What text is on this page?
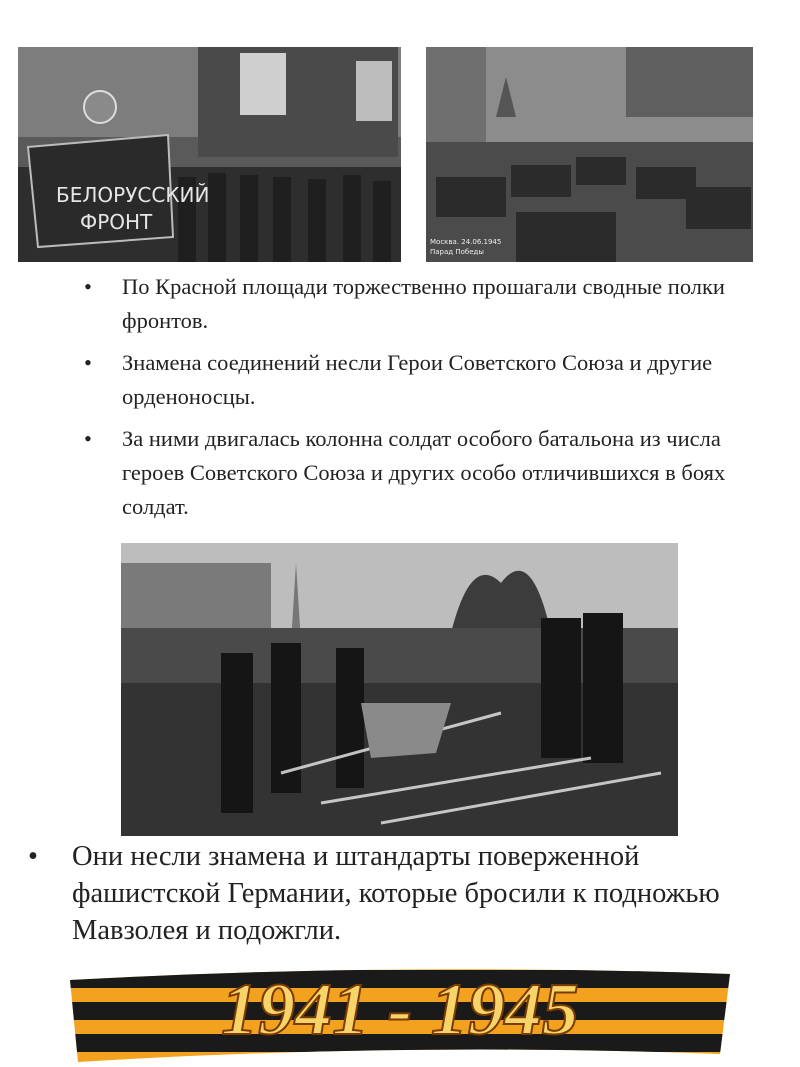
БЕЛОРУССКИЙ
ФРОНТ
Москва. 24.06.1945
Парад Победы
• По Красной площади торжественно прошагали сводные полки фронтов.
• Знамена соединений несли Герои Советского Союза и другие орденоносцы.
• За ними двигалась колонна солдат особого батальона из числа героев Советского Союза и других особо отличившихся в боях солдат.
• Они несли знамена и штандарты поверженной фашистской Германии, которые бросили к подножью Мавзолея и подожгли.
1941 - 1945
